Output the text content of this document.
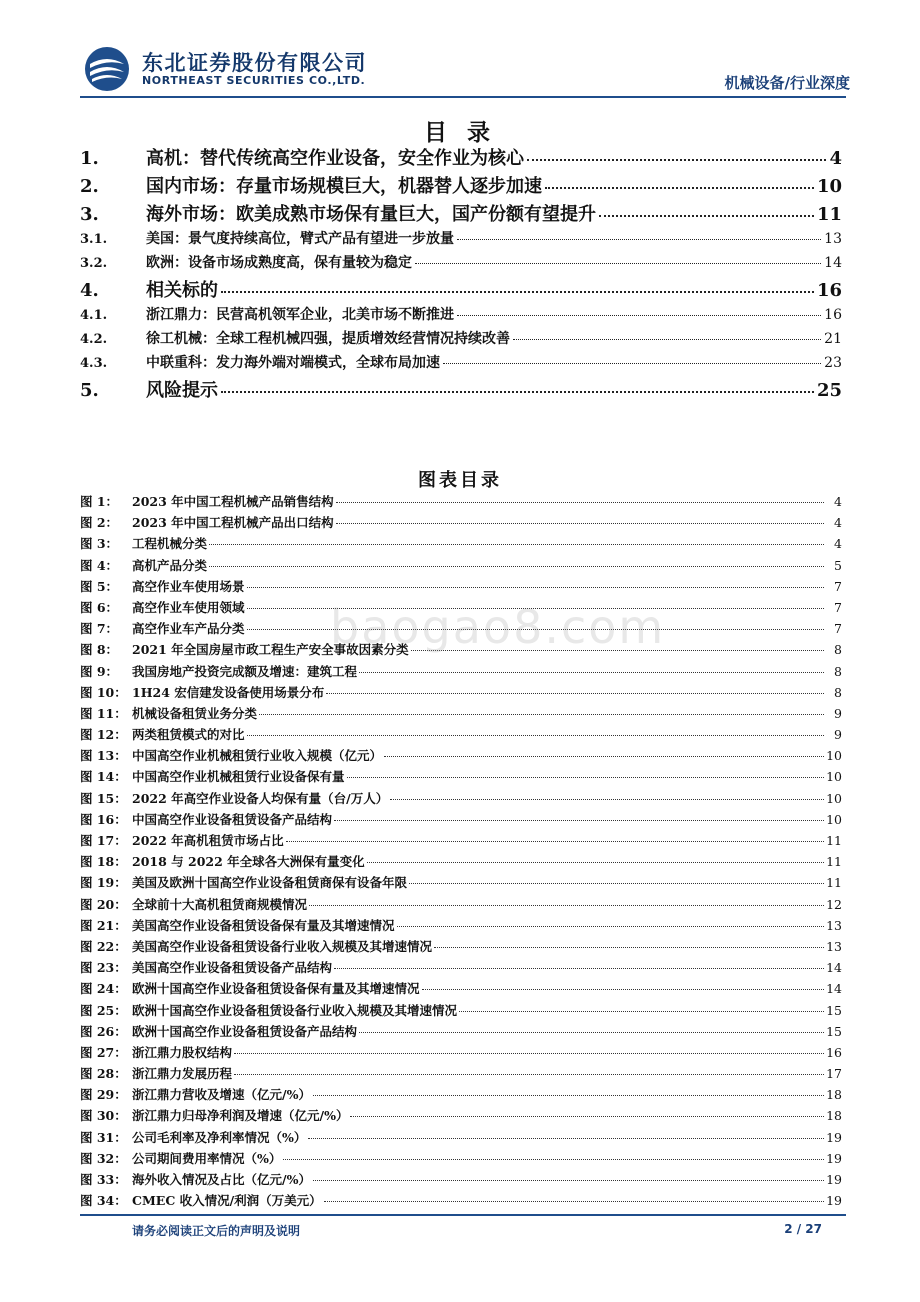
东北证券股份有限公司
NORTHEAST SECURITIES CO.,LTD.	机械设备/行业深度
目 录
1.	高机：替代传统高空作业设备，安全作业为核心	4
2.	国内市场：存量市场规模巨大，机器替人逐步加速	10
3.	海外市场：欧美成熟市场保有量巨大，国产份额有望提升	11
3.1.	美国：景气度持续高位，臂式产品有望进一步放量	13
3.2.	欧洲：设备市场成熟度高，保有量较为稳定	14
4.	相关标的	16
4.1.	浙江鼎力：民营高机领军企业，北美市场不断推进	16
4.2.	徐工机械：全球工程机械四强，提质增效经营情况持续改善	21
4.3.	中联重科：发力海外端对端模式，全球布局加速	23
5.	风险提示	25
图表目录
图 1：	2023 年中国工程机械产品销售结构	4
图 2：	2023 年中国工程机械产品出口结构	4
图 3：	工程机械分类	4
图 4：	高机产品分类	5
图 5：	高空作业车使用场景	7
图 6：	高空作业车使用领域	7
图 7：	高空作业车产品分类	7
图 8：	2021 年全国房屋市政工程生产安全事故因素分类	8
图 9：	我国房地产投资完成额及增速：建筑工程	8
图 10： 1H24 宏信建发设备使用场景分布	8
图 11： 机械设备租赁业务分类	9
图 12： 两类租赁模式的对比	9
图 13： 中国高空作业机械租赁行业收入规模（亿元）	10
图 14： 中国高空作业机械租赁行业设备保有量	10
图 15： 2022 年高空作业设备人均保有量（台/万人）	10
图 16： 中国高空作业设备租赁设备产品结构	10
图 17： 2022 年高机租赁市场占比	11
图 18： 2018 与 2022 年全球各大洲保有量变化	11
图 19： 美国及欧洲十国高空作业设备租赁商保有设备年限	11
图 20： 全球前十大高机租赁商规模情况	12
图 21： 美国高空作业设备租赁设备保有量及其增速情况	13
图 22： 美国高空作业设备租赁设备行业收入规模及其增速情况	13
图 23： 美国高空作业设备租赁设备产品结构	14
图 24： 欧洲十国高空作业设备租赁设备保有量及其增速情况	14
图 25： 欧洲十国高空作业设备租赁设备行业收入规模及其增速情况	15
图 26： 欧洲十国高空作业设备租赁设备产品结构	15
图 27： 浙江鼎力股权结构	16
图 28： 浙江鼎力发展历程	17
图 29： 浙江鼎力营收及增速（亿元/%）	18
图 30： 浙江鼎力归母净利润及增速（亿元/%）	18
图 31： 公司毛利率及净利率情况（%）	19
图 32： 公司期间费用率情况（%）	19
图 33： 海外收入情况及占比（亿元/%）	19
图 34： CMEC 收入情况/利润（万美元）	19
baogao8.com
请务必阅读正文后的声明及说明	2 / 27
